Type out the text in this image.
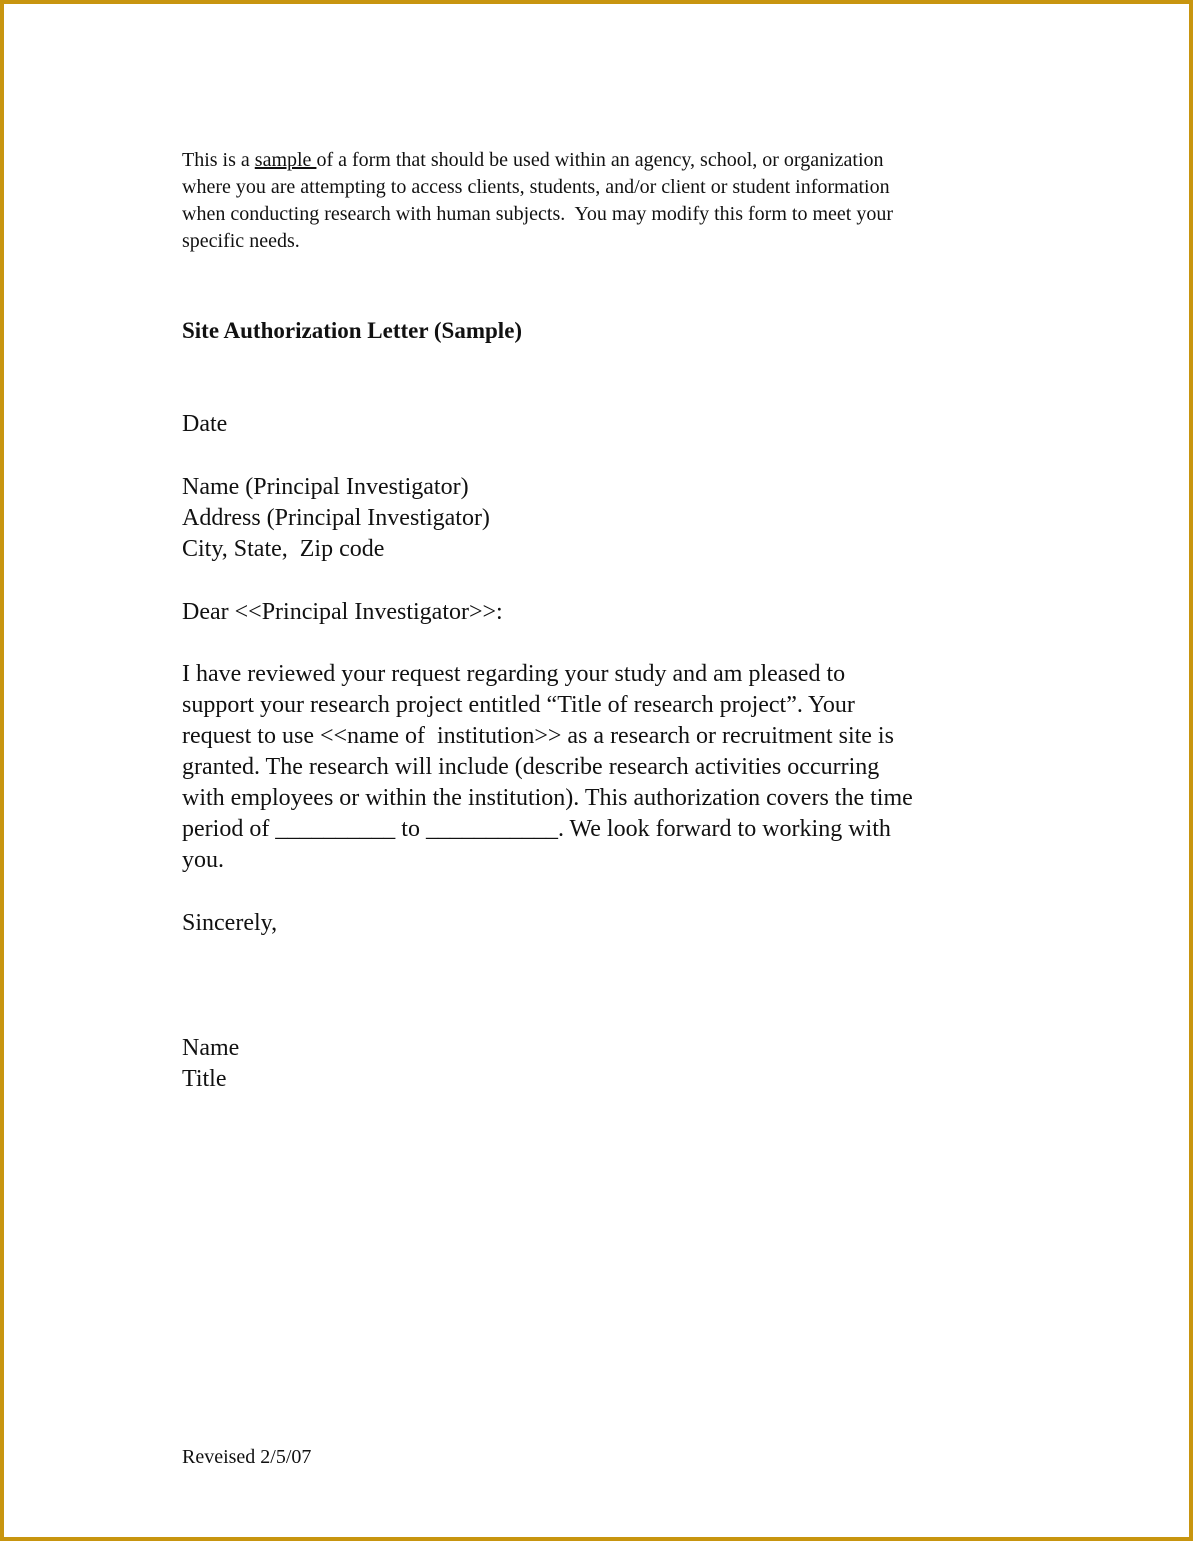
This is a sample of a form that should be used within an agency, school, or organization

where you are attempting to access clients, students, and/or client or student information

when conducting research with human subjects.  You may modify this form to meet your

specific needs.

Site Authorization Letter (Sample)

Date

Name (Principal Investigator)

Address (Principal Investigator)

City, State,  Zip code

Dear <<Principal Investigator>>:

I have reviewed your request regarding your study and am pleased to

support your research project entitled “Title of research project”. Your

request to use <<name of  institution>> as a research or recruitment site is

granted. The research will include (describe research activities occurring

with employees or within the institution). This authorization covers the time

period of __________ to ___________. We look forward to working with

you.

Sincerely,

Name

Title

Reveised 2/5/07
